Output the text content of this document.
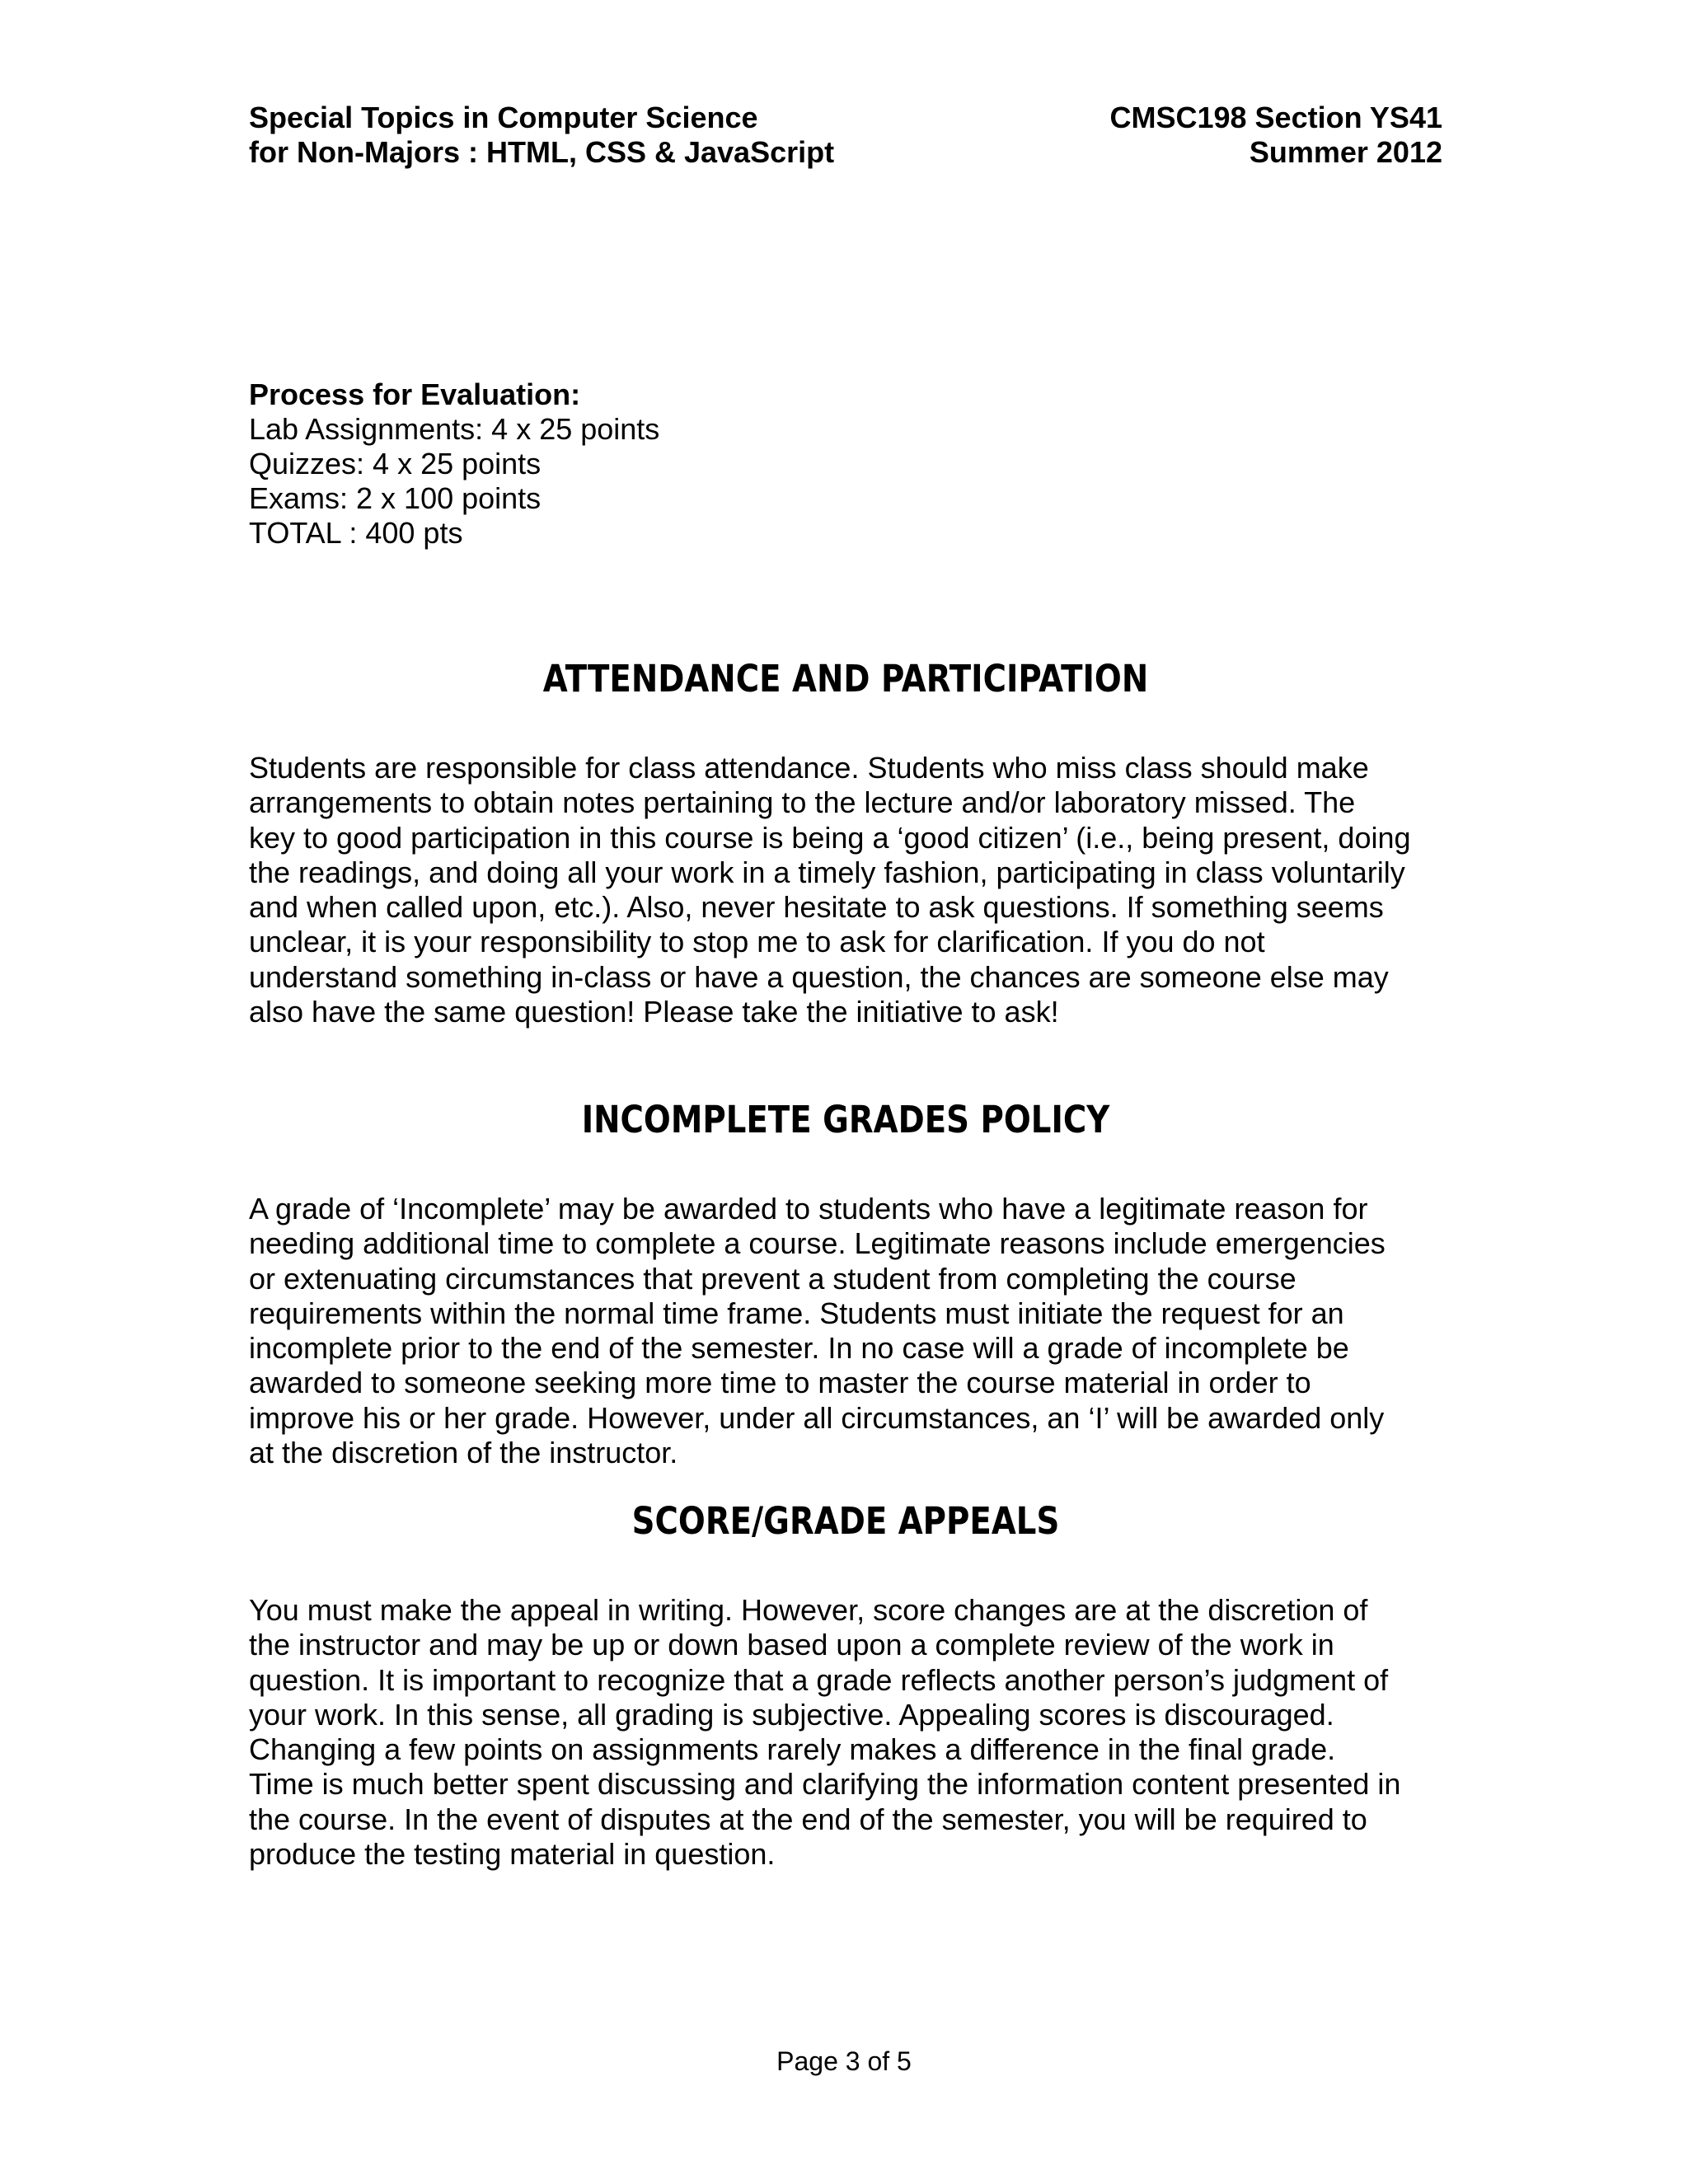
Special Topics in Computer Science
for Non-Majors : HTML, CSS & JavaScript
CMSC198 Section YS41
Summer 2012
Process for Evaluation:
Lab Assignments: 4 x 25 points
Quizzes: 4 x 25 points
Exams: 2 x 100 points
TOTAL : 400 pts
ATTENDANCE AND PARTICIPATION
Students are responsible for class attendance. Students who miss class should make
arrangements to obtain notes pertaining to the lecture and/or laboratory missed. The
key to good participation in this course is being a ‘good citizen’ (i.e., being present, doing
the readings, and doing all your work in a timely fashion, participating in class voluntarily
and when called upon, etc.). Also, never hesitate to ask questions. If something seems
unclear, it is your responsibility to stop me to ask for clarification. If you do not
understand something in-class or have a question, the chances are someone else may
also have the same question! Please take the initiative to ask!
INCOMPLETE GRADES POLICY
A grade of ‘Incomplete’ may be awarded to students who have a legitimate reason for
needing additional time to complete a course. Legitimate reasons include emergencies
or extenuating circumstances that prevent a student from completing the course
requirements within the normal time frame. Students must initiate the request for an
incomplete prior to the end of the semester. In no case will a grade of incomplete be
awarded to someone seeking more time to master the course material in order to
improve his or her grade. However, under all circumstances, an ‘I’ will be awarded only
at the discretion of the instructor.
SCORE/GRADE APPEALS
You must make the appeal in writing. However, score changes are at the discretion of
the instructor and may be up or down based upon a complete review of the work in
question. It is important to recognize that a grade reflects another person’s judgment of
your work. In this sense, all grading is subjective. Appealing scores is discouraged.
Changing a few points on assignments rarely makes a difference in the final grade.
Time is much better spent discussing and clarifying the information content presented in
the course. In the event of disputes at the end of the semester, you will be required to
produce the testing material in question.
Page 3 of 5
